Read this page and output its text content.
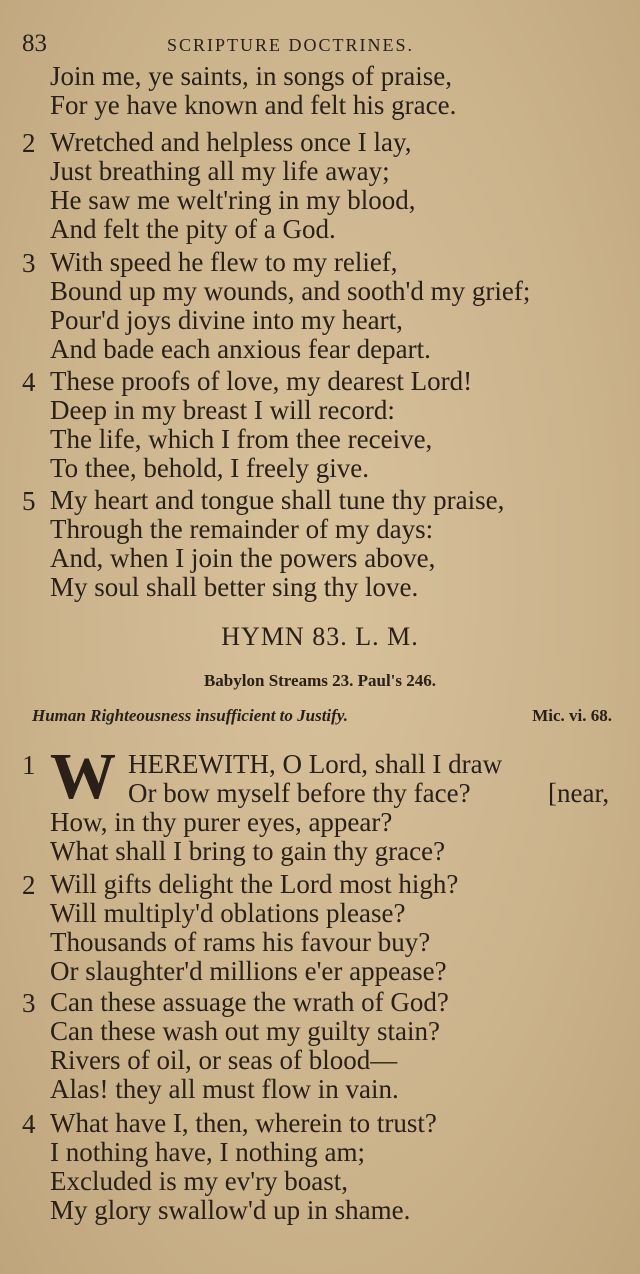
83	SCRIPTURE DOCTRINES.
Join me, ye saints, in songs of praise,
For ye have known and felt his grace.
2 Wretched and helpless once I lay,
Just breathing all my life away;
He saw me welt'ring in my blood,
And felt the pity of a God.
3 With speed he flew to my relief,
Bound up my wounds, and sooth'd my grief;
Pour'd joys divine into my heart,
And bade each anxious fear depart.
4 These proofs of love, my dearest Lord!
Deep in my breast I will record:
The life, which I from thee receive,
To thee, behold, I freely give.
5 My heart and tongue shall tune thy praise,
Through the remainder of my days:
And, when I join the powers above,
My soul shall better sing thy love.
HYMN 83. L. M.
Babylon Streams 23. Paul's 246.
Human Righteousness insufficient to Justify.	Mic. vi. 68.
1	HEREWITH, O Lord, shall I draw
Or bow myself before thy face?	[near,
How, in thy purer eyes, appear?
What shall I bring to gain thy grace?
W
2 Will gifts delight the Lord most high?
Will multiply'd oblations please?
Thousands of rams his favour buy?
Or slaughter'd millions e'er appease?
3 Can these assuage the wrath of God?
Can these wash out my guilty stain?
Rivers of oil, or seas of blood—
Alas! they all must flow in vain.
4 What have I, then, wherein to trust?
I nothing have, I nothing am;
Excluded is my ev'ry boast,
My glory swallow'd up in shame.
